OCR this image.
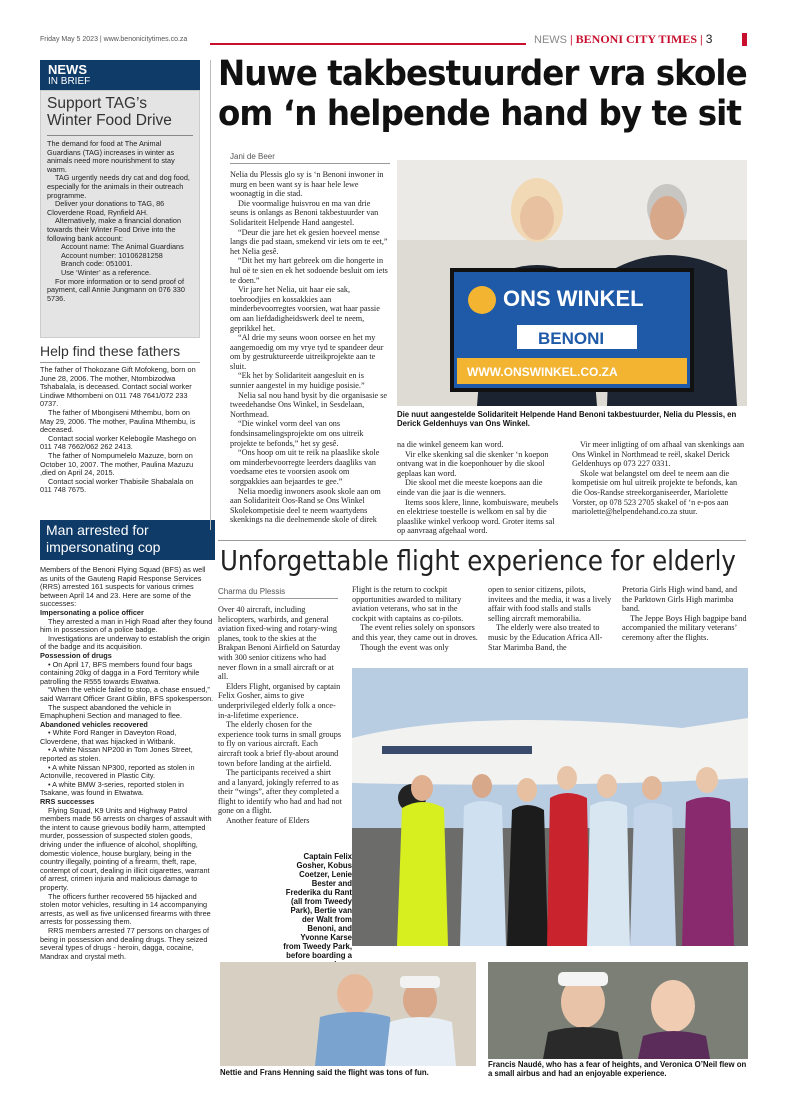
Friday May 5 2023 | www.benonicitytimes.co.za	NEWS | BENONI CITY TIMES | 3
NEWS
IN BRIEF
Support TAG’s Winter Food Drive

The demand for food at The Animal Guardians (TAG) increases in winter as animals need more nourishment to stay warm.

TAG urgently needs dry cat and dog food, especially for the animals in their outreach programme.

Deliver your donations to TAG, 86 Cloverdene Road, Rynfield AH.

Alternatively, make a financial donation towards their Winter Food Drive into the following bank account:

Account name: The Animal Guardians

Account number: 10106281258

Branch code: 051001.

Use ‘Winter’ as a reference.

For more information or to send proof of payment, call Annie Jungmann on 076 330 5736.

Help find these fathers

The father of Thokozane Gift Mofokeng, born on June 28, 2006. The mother, Ntombizodwa Tshabalala, is deceased. Contact social worker Lindiwe Mthombeni on 011 748 7641/072 233 0737.

The father of Mbongiseni Mthembu, born on May 29, 2006. The mother, Paulina Mthembu, is deceased.

Contact social worker Kelebogile Mashego on 011 748 7662/062 262 2413.

The father of Nompumelelo Mazuze, born on October 10, 2007. The mother, Paulina Mazuzu ,died on April 24, 2015.

Contact social worker Thabisile Shabalala on 011 748 7675.

Man arrested for impersonating cop

Members of the Benoni Flying Squad (BFS) as well as units of the Gauteng Rapid Response Services (RRS) arrested 161 suspects for various crimes between April 14 and 23. Here are some of the successes:

Impersonating a police officer

They arrested a man in High Road after they found him in possession of a police badge.

Investigations are underway to establish the origin of the badge and its acquisition.

Possession of drugs

• On April 17, BFS members found four bags containing 20kg of dagga in a Ford Territory while patrolling the R555 towards Etwatwa.

“When the vehicle failed to stop, a chase ensued,” said Warrant Officer Grant Giblin, BFS spokesperson.

The suspect abandoned the vehicle in Emaphupheni Section and managed to flee.

Abandoned vehicles recovered

• White Ford Ranger in Daveyton Road, Cloverdene, that was hijacked in Witbank.

• A white Nissan NP200 in Tom Jones Street, reported as stolen.

• A white Nissan NP300, reported as stolen in Actonville, recovered in Plastic City.

• A white BMW 3-series, reported stolen in Tsakane, was found in Etwatwa.

RRS successes

Flying Squad, K9 Units and Highway Patrol members made 56 arrests on charges of assault with the intent to cause grievous bodily harm, attempted murder, possession of suspected stolen goods, driving under the influence of alcohol, shoplifting, domestic violence, house burglary, being in the country illegally, pointing of a firearm, theft, rape, contempt of court, dealing in illicit cigarettes, warrant of arrest, crimen injuria and malicious damage to property.

The officers further recovered 55 hijacked and stolen motor vehicles, resulting in 14 accompanying arrests, as well as five unlicensed firearms with three arrests for possessing them.

RRS members arrested 77 persons on charges of being in possession and dealing drugs. They seized several types of drugs - heroin, dagga, cocaine, Mandrax and crystal meth.

Nuwe takbestuurder vra skole
om ‘n helpende hand by te sit
Jani de Beer

Nelia du Plessis glo sy is ‘n Benoni inwoner in murg en been want sy is haar hele lewe woonagtig in die stad.

Die voormalige huisvrou en ma van drie seuns is onlangs as Benoni takbestuurder van Solidariteit Helpende Hand aangestel.

“Deur die jare het ek gesien hoeveel mense langs die pad staan, smekend vir iets om te eet,” het Nelia gesê.

“Dit het my hart gebreek om die hongerte in hul oë te sien en ek het sodoende besluit om iets te doen.”

Vir jare het Nelia, uit haar eie sak, toebroodjies en kossakkies aan minderbevoorregtes voorsien, wat haar passie om aan liefdadigheidswerk deel te neem, geprikkel het.

“Al drie my seuns woon oorsee en het my aangemoedig om my vrye tyd te spandeer deur om by gestruktureerde uitreikprojekte aan te sluit.

“Ek het by Solidariteit aangesluit en is sunnier aangestel in my huidige posisie.”

Nelia sal nou hand bysit by die organisasie se tweedehandse Ons Winkel, in Sesdelaan, Northmead.

“Die winkel vorm deel van ons fondsinsamelingsprojekte om ons uitreik projekte te befonds,” het sy gesê.

“Ons hoop om uit te reik na plaaslike skole om minderbevoorregte leerders daagliks van voedsame etes te voorsien asook om sorgpakkies aan bejaardes te gee.”

Nelia moedig inwoners asook skole aan om aan Solidariteit Oos-Rand se Ons Winkel Skolekompetisie deel te neem waartydens skenkings na die deelnemende skole of direk

ONS WINKEL
BENONI
WWW.ONSWINKEL.CO.ZA
Die nuut aangestelde Solidariteit Helpende Hand Benoni takbestuurder, Nelia du Plessis, en Derick Geldenhuys van Ons Winkel.

na die winkel geneem kan word.

Vir elke skenking sal die skenker ‘n koepon ontvang wat in die koeponhouer by die skool geplaas kan word.

Die skool met die meeste koepons aan die einde van die jaar is die wenners.

Items soos klere, linne, kombuisware, meubels en elektriese toestelle is welkom en sal by die plaaslike winkel verkoop word. Groter items sal op aanvraag afgehaal word.

Vir meer inligting of om afhaal van skenkings aan Ons Winkel in Northmead te reël, skakel Derick Geldenhuys op 073 227 0331.

Skole wat belangstel om deel te neem aan die kompetisie om hul uitreik projekte te befonds, kan die Oos-Randse streekorganiseerder, Mariolette Vorster, op 078 523 2705 skakel of ‘n e-pos aan mariolette@helpendehand.co.za stuur.

Unforgettable flight experience for elderly
Charma du Plessis

Over 40 aircraft, including helicopters, warbirds, and general aviation fixed-wing and rotary-wing planes, took to the skies at the Brakpan Benoni Airfield on Saturday with 300 senior citizens who had never flown in a small aircraft or at all.

Elders Flight, organised by captain Felix Gosher, aims to give underprivileged elderly folk a once-in-a-lifetime experience.

The elderly chosen for the experience took turns in small groups to fly on various aircraft. Each aircraft took a brief fly-about around town before landing at the airfield.

The participants received a shirt and a lanyard, jokingly referred to as their “wings”, after they completed a flight to identify who had and had not gone on a flight.

Another feature of Elders

Flight is the return to cockpit opportunities awarded to military aviation veterans, who sat in the cockpit with captains as co-pilots.

The event relies solely on sponsors and this year, they came out in droves.

Though the event was only

open to senior citizens, pilots, invitees and the media, it was a lively affair with food stalls and stalls selling aircraft memorabilia.

The elderly were also treated to music by the Education Africa All-Star Marimba Band, the

Pretoria Girls High wind band, and the Parktown Girls High marimba band.

The Jeppe Boys High bagpipe band accompanied the military veterans’ ceremony after the flights.

Captain Felix Gosher, Kobus Coetzer, Lenie Bester and Frederika du Rant (all from Tweedy Park), Bertie van der Walt from Benoni, and Yvonne Karse from Tweedy Park, before boarding a
Nettie and Frans Henning said the flight was tons of fun.
Francis Naudé, who has a fear of heights, and Veronica O’Neil flew on a small airbus and had an enjoyable experience.
